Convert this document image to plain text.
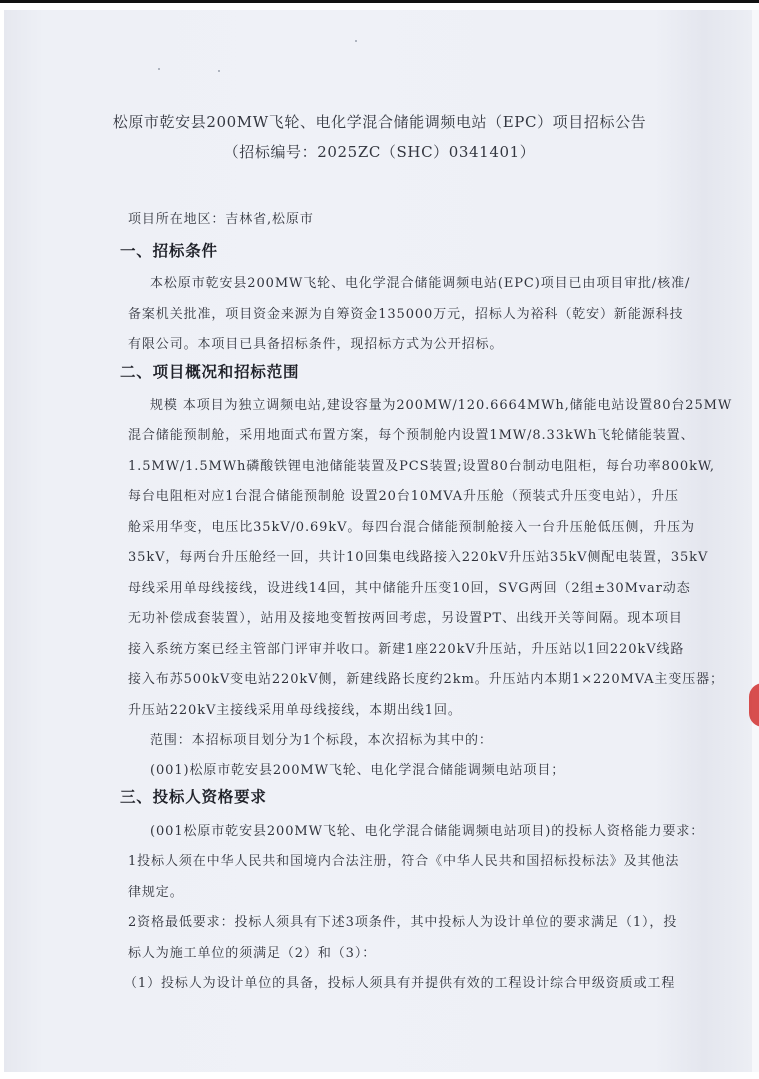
松原市乾安县200MW飞轮、电化学混合储能调频电站（EPC）项目招标公告
（招标编号：2025ZC（SHC）0341401）
项目所在地区：吉林省,松原市
一、招标条件
本松原市乾安县200MW飞轮、电化学混合储能调频电站(EPC)项目已由项目审批/核准/
备案机关批准，项目资金来源为自筹资金135000万元，招标人为裕科（乾安）新能源科技
有限公司。本项目已具备招标条件，现招标方式为公开招标。
二、项目概况和招标范围
规模 本项目为独立调频电站,建设容量为200MW/120.6664MWh,储能电站设置80台25MW
混合储能预制舱，采用地面式布置方案，每个预制舱内设置1MW/8.33kWh飞轮储能装置、
1.5MW/1.5MWh磷酸铁锂电池储能装置及PCS装置;设置80台制动电阻柜，每台功率800kW,
每台电阻柜对应1台混合储能预制舱 设置20台10MVA升压舱（预装式升压变电站），升压
舱采用华变，电压比35kV/0.69kV。每四台混合储能预制舱接入一台升压舱低压侧，升压为
35kV，每两台升压舱经一回，共计10回集电线路接入220kV升压站35kV侧配电装置，35kV
母线采用单母线接线，设进线14回，其中储能升压变10回，SVG两回（2组±30Mvar动态
无功补偿成套装置），站用及接地变暂按两回考虑，另设置PT、出线开关等间隔。现本项目
接入系统方案已经主管部门评审并收口。新建1座220kV升压站，升压站以1回220kV线路
接入布苏500kV变电站220kV侧，新建线路长度约2km。升压站内本期1×220MVA主变压器；
升压站220kV主接线采用单母线接线，本期出线1回。
范围：本招标项目划分为1个标段，本次招标为其中的：
(001)松原市乾安县200MW飞轮、电化学混合储能调频电站项目；
三、投标人资格要求
(001松原市乾安县200MW飞轮、电化学混合储能调频电站项目)的投标人资格能力要求：
1投标人须在中华人民共和国境内合法注册，符合《中华人民共和国招标投标法》及其他法
律规定。
2资格最低要求：投标人须具有下述3项条件，其中投标人为设计单位的要求满足（1），投
标人为施工单位的须满足（2）和（3）：
（1）投标人为设计单位的具备，投标人须具有并提供有效的工程设计综合甲级资质或工程
